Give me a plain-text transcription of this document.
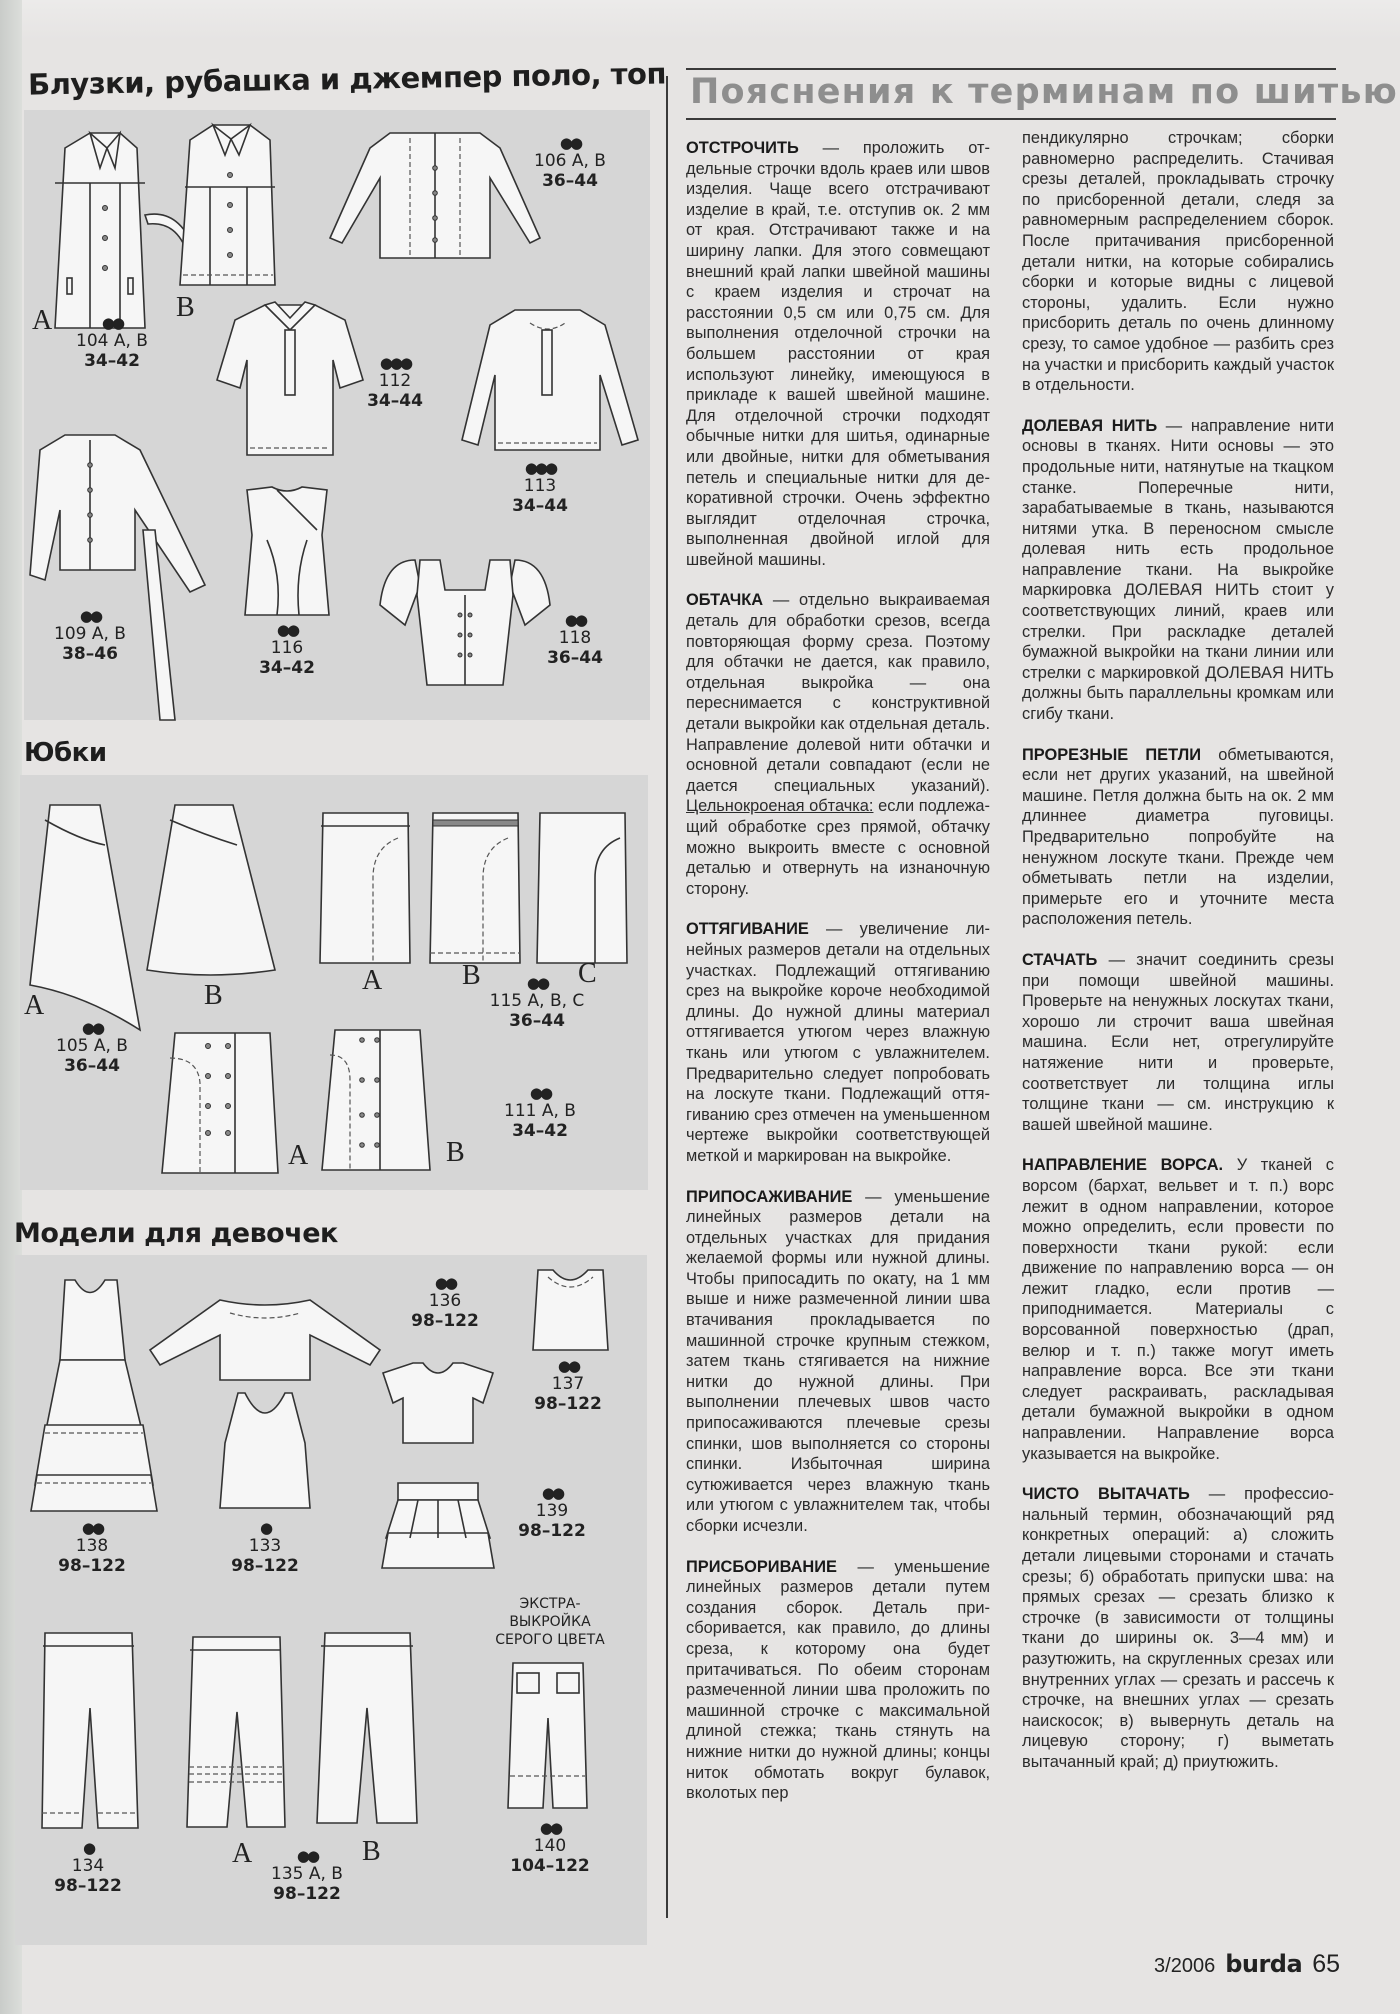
Блузки, рубашка и джемпер поло, топ
A	●●
104 A, B
34–42
B
●●
106 A, B
36–44
●●●
112
34–44
●●●
113
34–44
●●
109 A, B
38–46
●●
116
34–42
●●
118
36–44
Юбки
A	B
●●
105 A, B
36–44
A	B	C
●●
115 A, B, C
36–44
A	B
●●
111 A, B
34–42
Модели для девочек
●●
138
98–122
●●
136
98–122
●●
137
98–122
●
133
98–122
●●
139
98–122
●
134
98–122
A	B
●●
135 A, B
98–122
ЭКСТРА-
ВЫКРОЙКА
СЕРОГО ЦВЕТА
●●
140
104–122
Пояснения к терминам по шитью

ОТСТРОЧИТЬ — проложить отдельные строчки вдоль краев или швов изделия. Чаще всего отстрачивают изделие в край, т.е. отступив ок. 2 мм от края. Отстрачивают также и на ширину лапки. Для этого совмещают внешний край лапки швейной машины с краем изделия и строчат на расстоянии 0,5 см или 0,75 см. Для выполнения отделочной строчки на большем расстоянии от края используют линейку, имеющуюся в прикладе к вашей швейной машине. Для отделочной строчки подходят обычные нитки для шитья, одинарные или двойные, нитки для обметывания петель и специальные нитки для декоративной строчки. Очень эффектно выглядит отделочная строчка, выполненная двойной иглой для швейной машины.

ОБТАЧКА — отдельно выкраиваемая деталь для обработки срезов, всегда повторяющая форму среза. Поэтому для обтачки не дается, как правило, отдельная выкройка — она переснимается с конструктивной детали выкройки как отдельная деталь. Направление долевой нити обтачки и основной детали совпадают (если не дается специальных указаний). Цельнокроеная обтачка: если подлежащий обработке срез прямой, обтачку можно выкроить вместе с основной деталью и отвернуть на изнаночную сторону.

ОТТЯГИВАНИЕ — увеличение линейных размеров детали на отдельных участках. Подлежащий оттягиванию срез на выкройке короче необходимой длины. До нужной длины материал оттягивается утюгом через влажную ткань или утюгом с увлажнителем. Предварительно следует попробовать на лоскуте ткани. Подлежащий оттягиванию срез отмечен на уменьшенном чертеже выкройки соответствующей меткой и маркирован на выкройке.

ПРИПОСАЖИВАНИЕ — уменьшение линейных размеров детали на отдельных участках для придания желаемой формы или нужной длины. Чтобы припосадить по окату, на 1 мм выше и ниже размеченной линии шва втачивания прокладывается по машинной строчке крупным стежком, затем ткань стягивается на нижние нитки до нужной длины. При выполнении плечевых швов часто припосаживаются плечевые срезы спинки, шов выполняется со стороны спинки. Избыточная ширина сутюживается через влажную ткань или утюгом с увлажнителем так, чтобы сборки исчезли.

ПРИСБОРИВАНИЕ — уменьшение линейных размеров детали путем создания сборок. Деталь присборивается, как правило, до длины среза, к которому она будет притачиваться. По обеим сторонам размеченной линии шва проложить по машинной строчке с максимальной длиной стежка; ткань стянуть на нижние нитки до нужной длины; концы ниток обмотать вокруг булавок, вколотых пер

пендикулярно строчкам; сборки равномерно распределить. Стачивая срезы деталей, прокладывать строчку по присборенной детали, следя за равномерным распределением сборок. После притачивания присборенной детали нитки, на которые собирались сборки и которые видны с лицевой стороны, удалить. Если нужно присборить деталь по очень длинному срезу, то самое удобное — разбить срез на участки и присборить каждый участок в отдельности.

ДОЛЕВАЯ НИТЬ — направление нити основы в тканях. Нити основы — это продольные нити, натянутые на ткацком станке. Поперечные нити, зарабатываемые в ткань, называются нитями утка. В переносном смысле долевая нить есть продольное направление ткани. На выкройке маркировка ДОЛЕВАЯ НИТЬ стоит у соответствующих линий, краев или стрелки. При раскладке деталей бумажной выкройки на ткани линии или стрелки с маркировкой ДОЛЕВАЯ НИТЬ должны быть параллельны кромкам или сгибу ткани.

ПРОРЕЗНЫЕ ПЕТЛИ обметываются, если нет других указаний, на швейной машине. Петля должна быть на ок. 2 мм длиннее диаметра пуговицы. Предварительно попробуйте на ненужном лоскуте ткани. Прежде чем обметывать петли на изделии, примерьте его и уточните места расположения петель.

СТАЧАТЬ — значит соединить срезы при помощи швейной машины. Проверьте на ненужных лоскутах ткани, хорошо ли строчит ваша швейная машина. Если нет, отрегулируйте натяжение нити и проверьте, соответствует ли толщина иглы толщине ткани — см. инструкцию к вашей швейной машине.

НАПРАВЛЕНИЕ ВОРСА. У тканей с ворсом (бархат, вельвет и т. п.) ворс лежит в одном направлении, которое можно определить, если провести по поверхности ткани рукой: если движение по направлению ворса — он лежит гладко, если против — приподнимается. Материалы с ворсованной поверхностью (драп, велюр и т. п.) также могут иметь направление ворса. Все эти ткани следует раскраивать, раскладывая детали бумажной выкройки в одном направлении. Направление ворса указывается на выкройке.

ЧИСТО ВЫТАЧАТЬ — профессиональный термин, обозначающий ряд конкретных операций: а) сложить детали лицевыми сторонами и стачать срезы; б) обработать припуски шва: на прямых срезах — срезать близко к строчке (в зависимости от толщины ткани до ширины ок. 3—4 мм) и разутюжить, на скругленных срезах или внутренних углах — срезать и рассечь к строчке, на внешних углах — срезать наискосок; в) вывернуть деталь на лицевую сторону; г) выметать вытачанный край; д) приутюжить.

3/2006 burda 65
